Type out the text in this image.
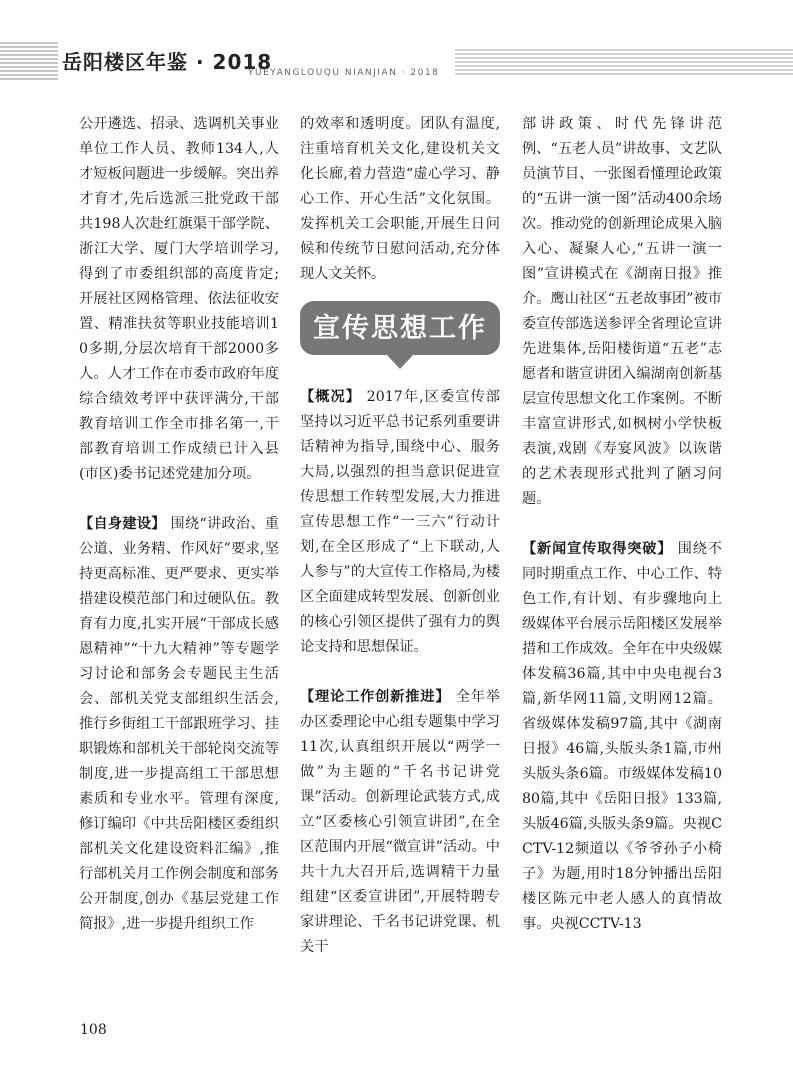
岳阳楼区年鉴 · 2018
YUEYANGLOUQU NIANJIAN · 2018

公开遴选、招录、选调机关事业单位工作人员、教师134人,人才短板问题进一步缓解。突出养才育才,先后选派三批党政干部共198人次赴红旗渠干部学院、浙江大学、厦门大学培训学习,得到了市委组织部的高度肯定;开展社区网格管理、依法征收安置、精准扶贫等职业技能培训10多期,分层次培育干部2000多人。人才工作在市委市政府年度综合绩效考评中获评满分,干部教育培训工作全市排名第一,干部教育培训工作成绩已计入县(市区)委书记述党建加分项。

【自身建设】 围绕“讲政治、重公道、业务精、作风好”要求,坚持更高标准、更严要求、更实举措建设模范部门和过硬队伍。教育有力度,扎实开展“干部成长感恩精神”“十九大精神”等专题学习讨论和部务会专题民主生活会、部机关党支部组织生活会,推行乡街组工干部跟班学习、挂职锻炼和部机关干部轮岗交流等制度,进一步提高组工干部思想素质和专业水平。管理有深度,修订编印《中共岳阳楼区委组织部机关文化建设资料汇编》,推行部机关月工作例会制度和部务公开制度,创办《基层党建工作简报》,进一步提升组织工作

的效率和透明度。团队有温度,注重培育机关文化,建设机关文化长廊,着力营造“虚心学习、静心工作、开心生活”文化氛围。发挥机关工会职能,开展生日问候和传统节日慰问活动,充分体现人文关怀。

宣传思想工作

【概况】 2017年,区委宣传部坚持以习近平总书记系列重要讲话精神为指导,围绕中心、服务大局,以强烈的担当意识促进宣传思想工作转型发展,大力推进宣传思想工作“一三六”行动计划,在全区形成了“上下联动,人人参与”的大宣传工作格局,为楼区全面建成转型发展、创新创业的核心引领区提供了强有力的舆论支持和思想保证。

【理论工作创新推进】 全年举办区委理论中心组专题集中学习11次,认真组织开展以“两学一做”为主题的“千名书记讲党课”活动。创新理论武装方式,成立“区委核心引领宣讲团”,在全区范围内开展“微宣讲”活动。中共十九大召开后,选调精干力量组建“区委宣讲团”,开展特聘专家讲理论、千名书记讲党课、机关干

部讲政策、时代先锋讲范例、“五老人员”讲故事、文艺队员演节目、一张图看懂理论政策的“五讲一演一图”活动400余场次。推动党的创新理论成果入脑入心、凝聚人心,“五讲一演一图”宣讲模式在《湖南日报》推介。鹰山社区“五老故事团”被市委宣传部选送参评全省理论宣讲先进集体,岳阳楼街道“五老”志愿者和谐宣讲团入编湖南创新基层宣传思想文化工作案例。不断丰富宣讲形式,如枫树小学快板表演,戏剧《寿宴风波》以诙谐的艺术表现形式批判了陋习问题。

【新闻宣传取得突破】 围绕不同时期重点工作、中心工作、特色工作,有计划、有步骤地向上级媒体平台展示岳阳楼区发展举措和工作成效。全年在中央级媒体发稿36篇,其中中央电视台3篇,新华网11篇,文明网12篇。省级媒体发稿97篇,其中《湖南日报》46篇,头版头条1篇,市州头版头条6篇。市级媒体发稿1080篇,其中《岳阳日报》133篇,头版46篇,头版头条9篇。央视CCTV-12频道以《爷爷孙子小椅子》为题,用时18分钟播出岳阳楼区陈元中老人感人的真情故事。央视CCTV-13

108
